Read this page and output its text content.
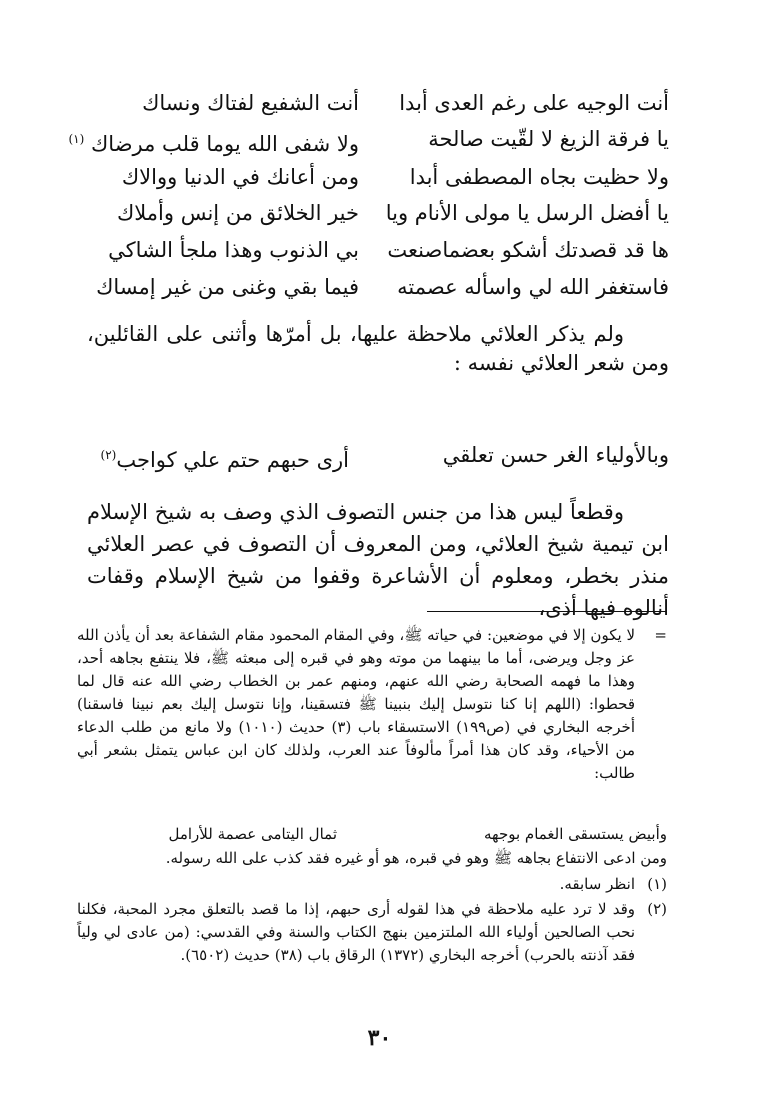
أنت الوجيه على رغم العدى أبدا
أنت الشفيع لفتاك ونساك
يا فرقة الزيغ لا لقّيت صالحة
ولا شفى الله يوما قلب مرضاك $^{(١)}$
ولا حظيت بجاه المصطفى أبدا
ومن أعانك في الدنيا ووالاك
يا أفضل الرسل يا مولى الأنام ويا
خير الخلائق من إنس وأملاك
ها قد قصدتك أشكو بعضماصنعت
بي الذنوب وهذا ملجأ الشاكي
فاستغفر الله لي واسأله عصمته
فيما بقي وغنى من غير إمساك

ولم يذكر العلائي ملاحظة عليها، بل أمرّها وأثنى على القائلين، ومن شعر العلائي نفسه :

وبالأولياء الغر حسن تعلقي
أرى حبهم حتم علي كواجب$^{(٢)}$

وقطعاً ليس هذا من جنس التصوف الذي وصف به شيخ الإسلام ابن تيمية شيخ العلائي، ومن المعروف أن التصوف في عصر العلائي منذر بخطر، ومعلوم أن الأشاعرة وقفوا من شيخ الإسلام وقفات أنالوه فيها أذى،

=
لا يكون إلا في موضعين: في حياته ﷺ، وفي المقام المحمود مقام الشفاعة بعد أن يأذن الله عز وجل ويرضى، أما ما بينهما من موته وهو في قبره إلى مبعثه ﷺ، فلا ينتفع بجاهه أحد، وهذا ما فهمه الصحابة رضي الله عنهم، ومنهم عمر بن الخطاب رضي الله عنه قال لما قحطوا: (اللهم إنا كنا نتوسل إليك بنبينا ﷺ فتسقينا، وإنا نتوسل إليك بعم نبينا فاسقنا) أخرجه البخاري في (ص١٩٩) الاستسقاء باب (٣) حديث (١٠١٠) ولا مانع من طلب الدعاء من الأحياء، وقد كان هذا أمراً مألوفاً عند العرب، ولذلك كان ابن عباس يتمثل بشعر أبي طالب:
وأبيض يستسقى الغمام بوجهه
ثمال اليتامى عصمة للأرامل
ومن ادعى الانتفاع بجاهه ﷺ وهو في قبره، هو أو غيره فقد كذب على الله رسوله.
(١)
انظر سابقه.
(٢)
وقد لا ترد عليه ملاحظة في هذا لقوله أرى حبهم، إذا ما قصد بالتعلق مجرد المحبة، فكلنا نحب الصالحين أولياء الله الملتزمين بنهج الكتاب والسنة وفي القدسي: (من عادى لي ولياً فقد آذنته بالحرب) أخرجه البخاري (١٣٧٢) الرقاق باب (٣٨) حديث (٦٥٠٢).
٣٠
